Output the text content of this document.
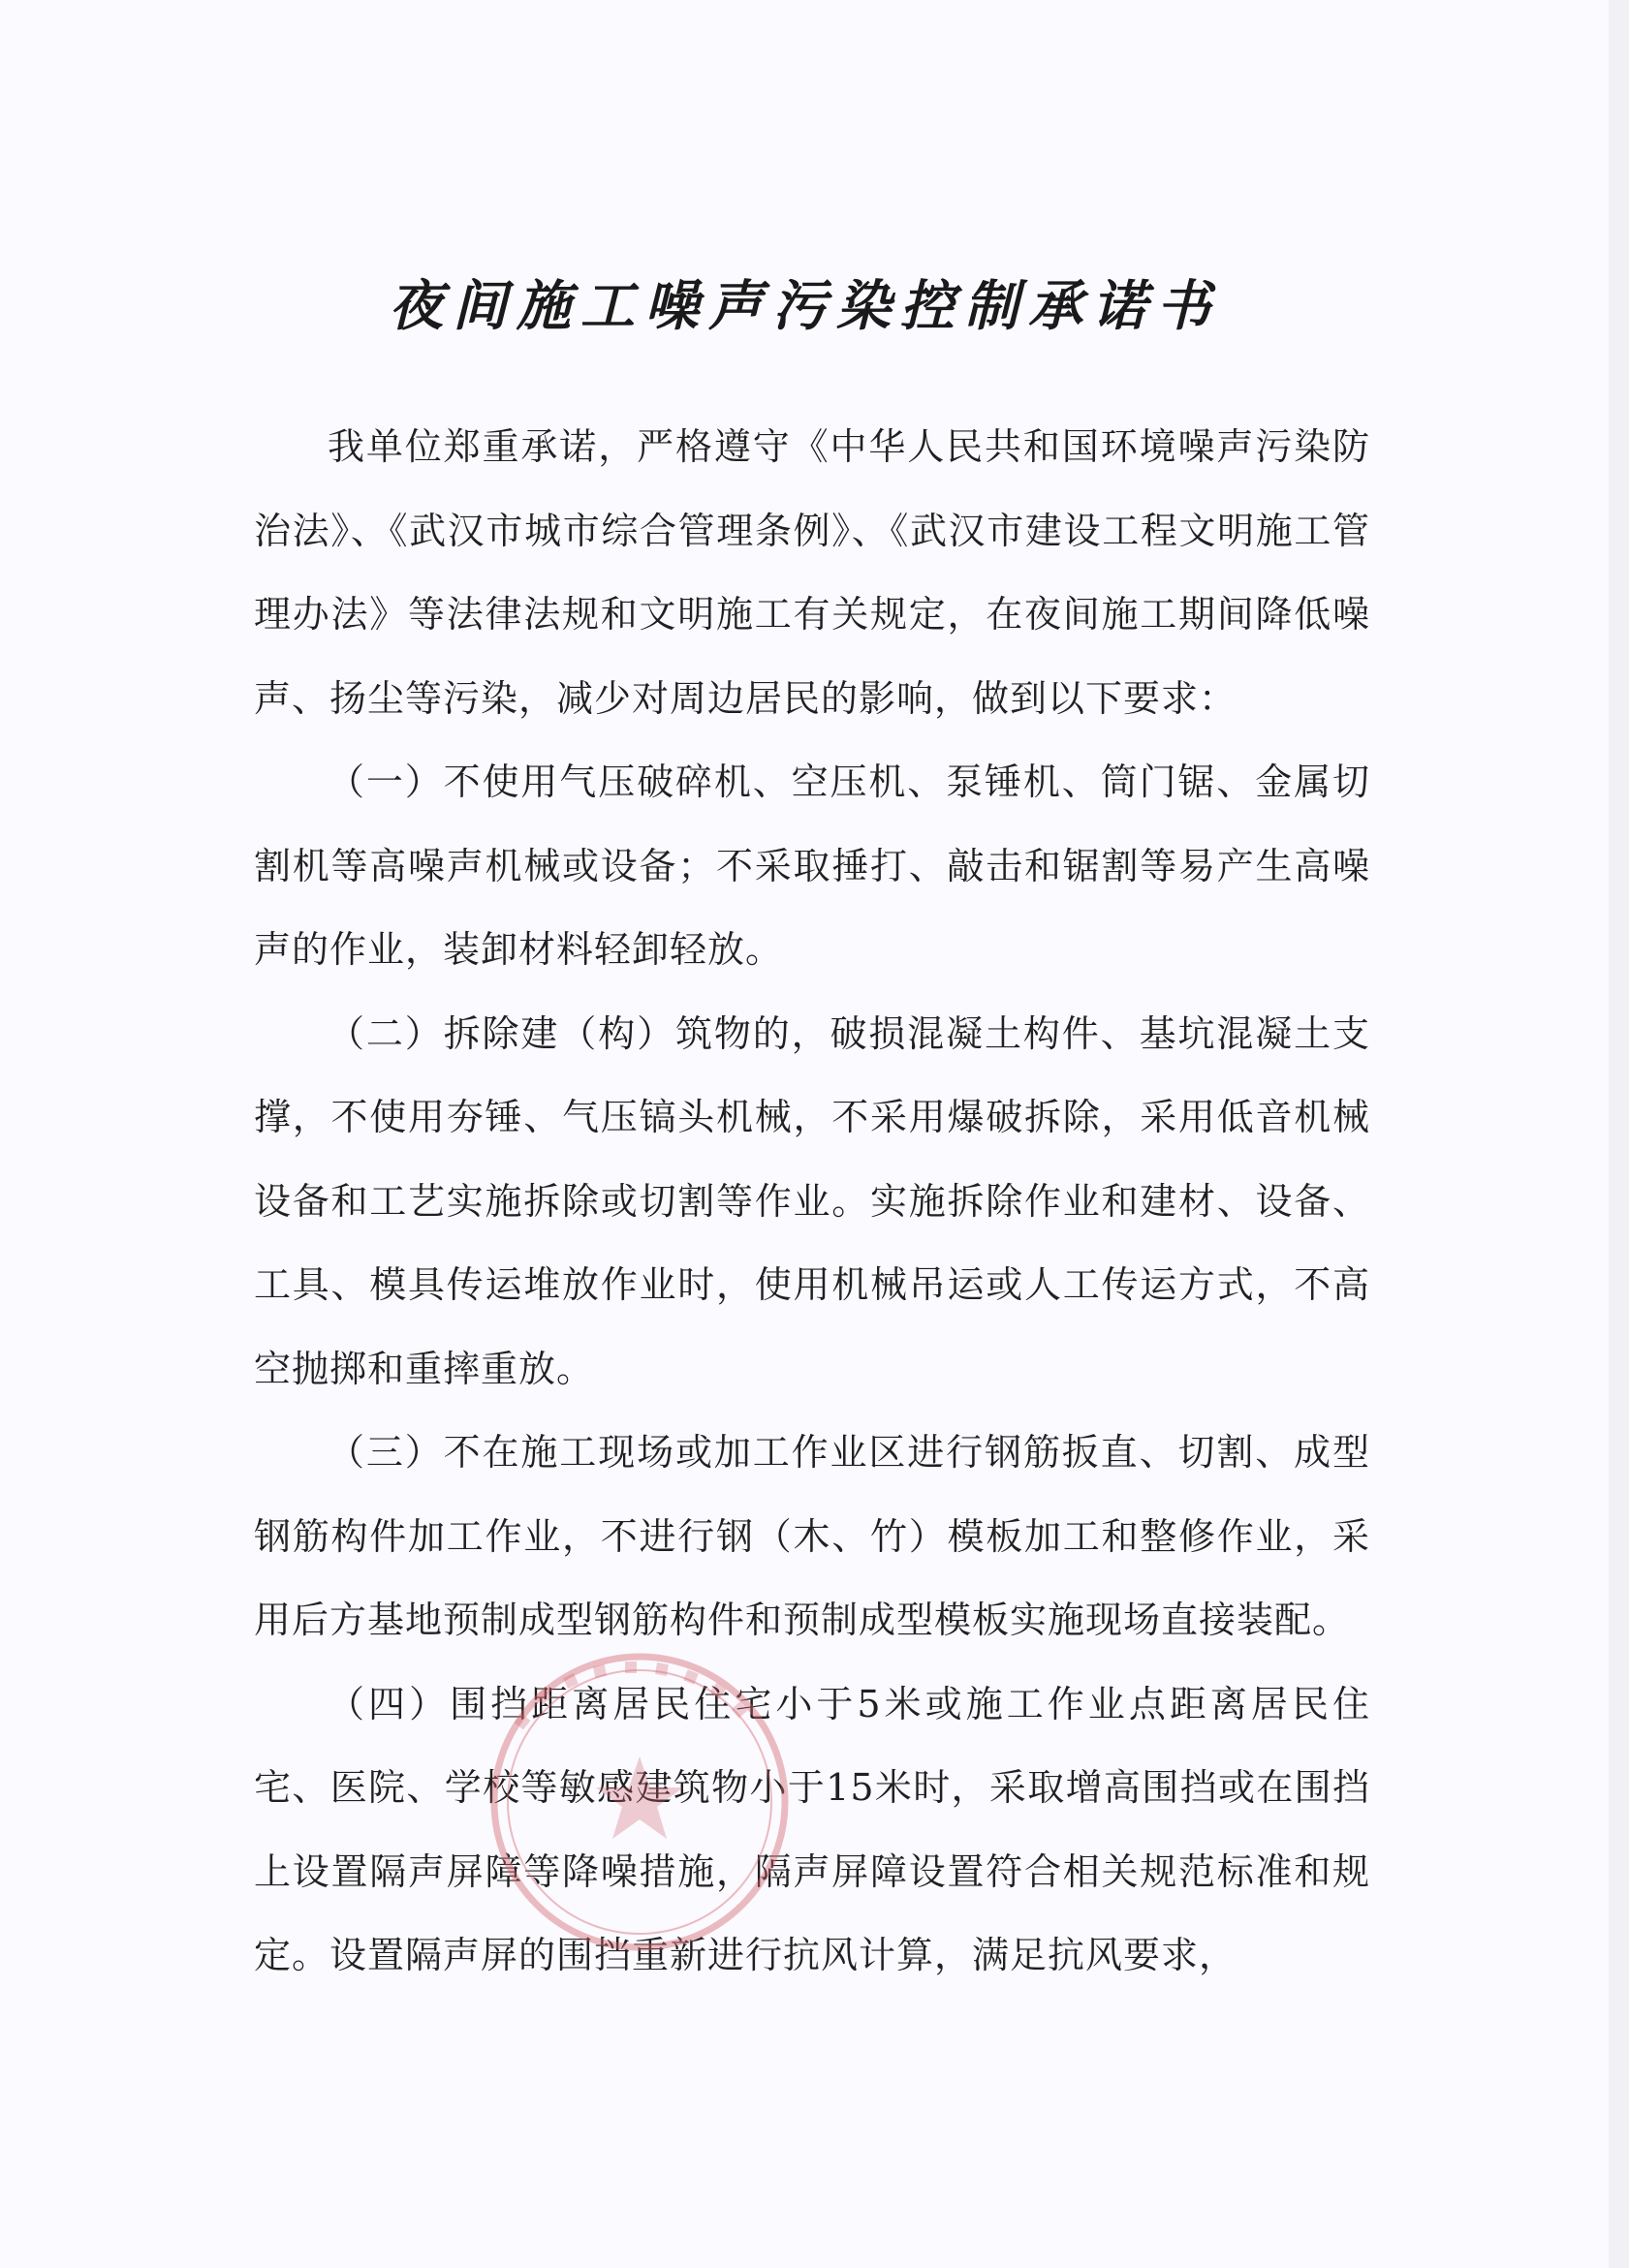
夜间施工噪声污染控制承诺书

我单位郑重承诺，严格遵守《中华人民共和国环境噪声污染防治法》、《武汉市城市综合管理条例》、《武汉市建设工程文明施工管理办法》等法律法规和文明施工有关规定，在夜间施工期间降低噪声、扬尘等污染，减少对周边居民的影响，做到以下要求：

（一）不使用气压破碎机、空压机、泵锤机、筒门锯、金属切割机等高噪声机械或设备；不采取捶打、敲击和锯割等易产生高噪声的作业，装卸材料轻卸轻放。

（二）拆除建（构）筑物的，破损混凝土构件、基坑混凝土支撑，不使用夯锤、气压镐头机械，不采用爆破拆除，采用低音机械设备和工艺实施拆除或切割等作业。实施拆除作业和建材、设备、工具、模具传运堆放作业时，使用机械吊运或人工传运方式，不高空抛掷和重摔重放。

（三）不在施工现场或加工作业区进行钢筋扳直、切割、成型钢筋构件加工作业，不进行钢（木、竹）模板加工和整修作业，采用后方基地预制成型钢筋构件和预制成型模板实施现场直接装配。

（四）围挡距离居民住宅小于5米或施工作业点距离居民住宅、医院、学校等敏感建筑物小于15米时，采取增高围挡或在围挡上设置隔声屏障等降噪措施，隔声屏障设置符合相关规范标准和规定。设置隔声屏的围挡重新进行抗风计算，满足抗风要求，
